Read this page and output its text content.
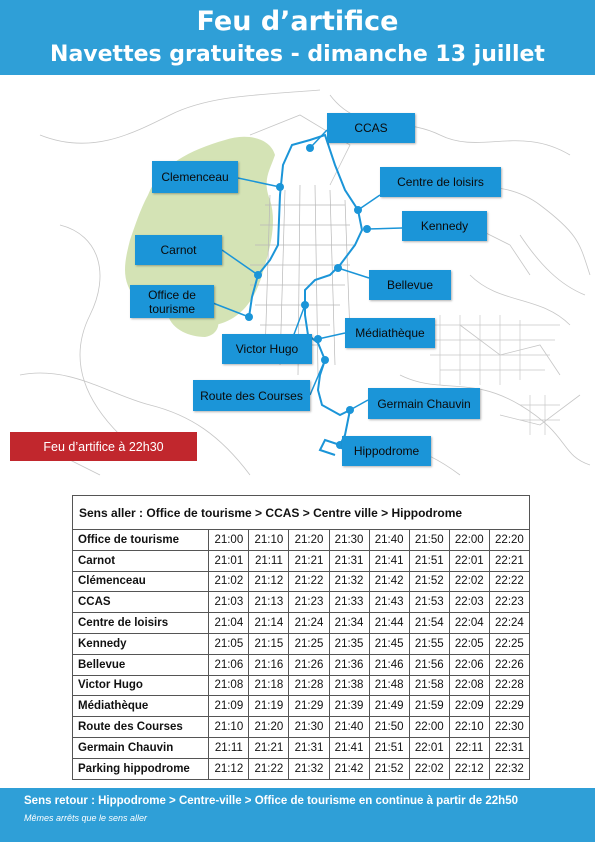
Feu d’artifice
Navettes gratuites - dimanche 13 juillet
CCAS
Clemenceau	Centre de loisirs
Kennedy
Carnot
Bellevue
Office de
tourisme
Médiathèque
Victor Hugo
Route des Courses
Germain Chauvin
Hippodrome
Feu d’artifice à 22h30
Sens aller : Office de tourisme > CCAS > Centre ville > Hippodrome								
Office de tourisme	21:00	21:10	21:20	21:30	21:40	21:50	22:00	22:20
Carnot	21:01	21:11	21:21	21:31	21:41	21:51	22:01	22:21
Clémenceau	21:02	21:12	21:22	21:32	21:42	21:52	22:02	22:22
CCAS	21:03	21:13	21:23	21:33	21:43	21:53	22:03	22:23
Centre de loisirs	21:04	21:14	21:24	21:34	21:44	21:54	22:04	22:24
Kennedy	21:05	21:15	21:25	21:35	21:45	21:55	22:05	22:25
Bellevue	21:06	21:16	21:26	21:36	21:46	21:56	22:06	22:26
Victor Hugo	21:08	21:18	21:28	21:38	21:48	21:58	22:08	22:28
Médiathèque	21:09	21:19	21:29	21:39	21:49	21:59	22:09	22:29
Route des Courses	21:10	21:20	21:30	21:40	21:50	22:00	22:10	22:30
Germain Chauvin	21:11	21:21	21:31	21:41	21:51	22:01	22:11	22:31
Parking hippodrome	21:12	21:22	21:32	21:42	21:52	22:02	22:12	22:32
Sens retour : Hippodrome > Centre-ville > Office de tourisme en continue à partir de 22h50
Mêmes arrêts que le sens aller
